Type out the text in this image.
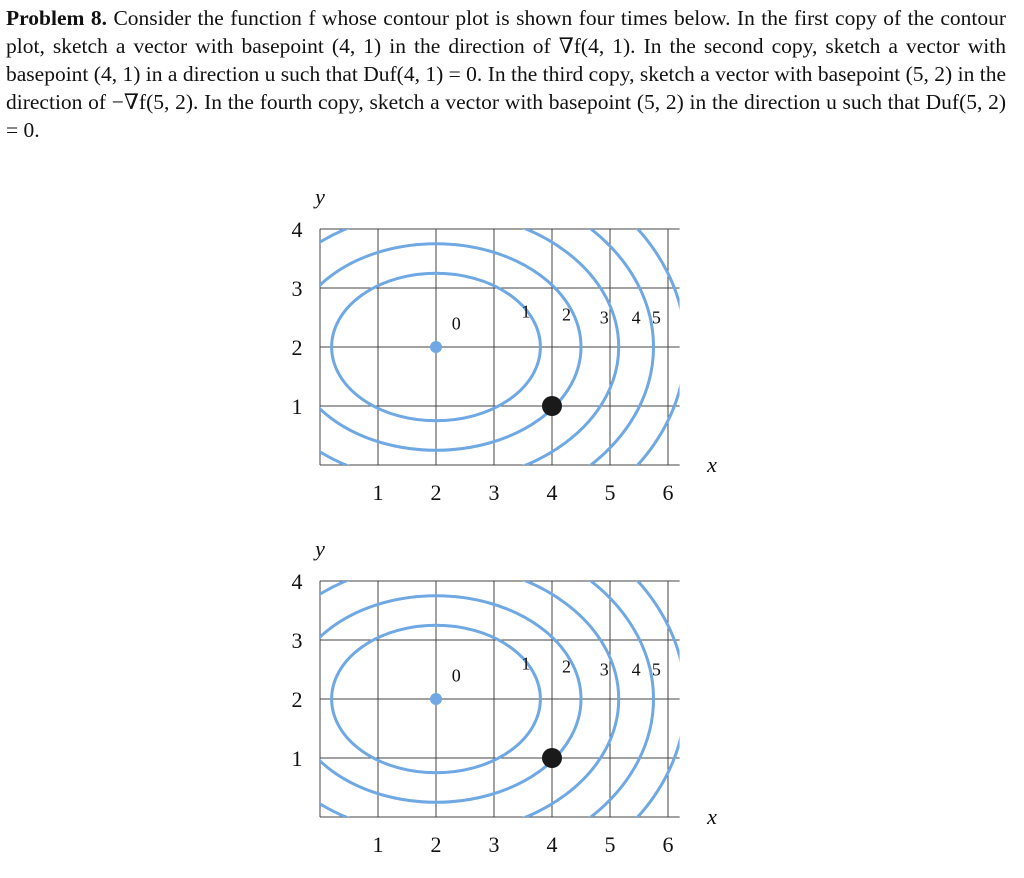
Problem 8. Consider the function f whose contour plot is shown four times below. In the first copy of the contour plot, sketch a vector with basepoint (4, 1) in the direction of ∇f(4, 1). In the second copy, sketch a vector with basepoint (4, 1) in a direction u such that Duf(4, 1) = 0. In the third copy, sketch a vector with basepoint (5, 2) in the direction of −∇f(5, 2). In the fourth copy, sketch a vector with basepoint (5, 2) in the direction u such that Duf(5, 2) = 0.

0
1 2 3 4 5
1 2 3 4 5 6
1
2
3
4
x
y
0
1 2 3 4 5
1 2 3 4 5 6
1
2
3
4
x
y
